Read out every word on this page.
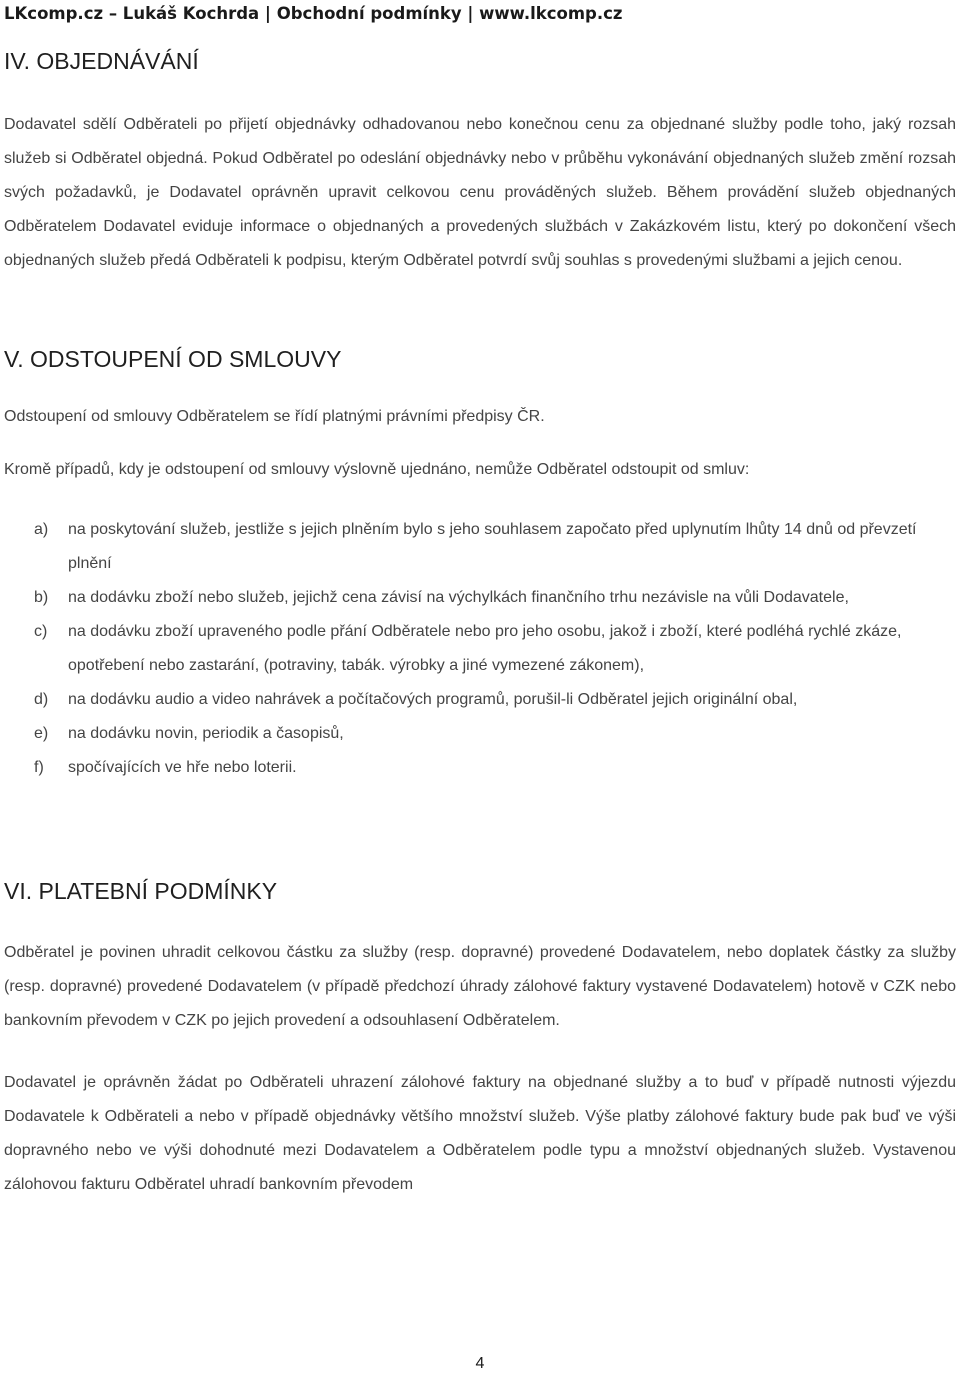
LKcomp.cz – Lukáš Kochrda | Obchodní podmínky | www.lkcomp.cz
IV. OBJEDNÁVÁNÍ

Dodavatel sdělí Odběrateli po přijetí objednávky odhadovanou nebo konečnou cenu za objednané služby podle toho, jaký rozsah služeb si Odběratel objedná. Pokud Odběratel po odeslání objednávky nebo v průběhu vykonávání objednaných služeb změní rozsah svých požadavků, je Dodavatel oprávněn upravit celkovou cenu prováděných služeb. Během provádění služeb objednaných Odběratelem Dodavatel eviduje informace o objednaných a provedených službách v Zakázkovém listu, který po dokončení všech objednaných služeb předá Odběrateli k podpisu, kterým Odběratel potvrdí svůj souhlas s provedenými službami a jejich cenou.

V. ODSTOUPENÍ OD SMLOUVY

Odstoupení od smlouvy Odběratelem se řídí platnými právními předpisy ČR.

Kromě případů, kdy je odstoupení od smlouvy výslovně ujednáno, nemůže Odběratel odstoupit od smluv:

a) na poskytování služeb, jestliže s jejich plněním bylo s jeho souhlasem započato před uplynutím lhůty 14 dnů od převzetí plnění
b) na dodávku zboží nebo služeb, jejichž cena závisí na výchylkách finančního trhu nezávisle na vůli Dodavatele,
c) na dodávku zboží upraveného podle přání Odběratele nebo pro jeho osobu, jakož i zboží, které podléhá rychlé zkáze, opotřebení nebo zastarání, (potraviny, tabák. výrobky a jiné vymezené zákonem),
d) na dodávku audio a video nahrávek a počítačových programů, porušil-li Odběratel jejich originální obal,
e) na dodávku novin, periodik a časopisů,
f) spočívajících ve hře nebo loterii.
VI. PLATEBNÍ PODMÍNKY

Odběratel je povinen uhradit celkovou částku za služby (resp. dopravné) provedené Dodavatelem, nebo doplatek částky za služby (resp. dopravné) provedené Dodavatelem (v případě předchozí úhrady zálohové faktury vystavené Dodavatelem) hotově v CZK nebo bankovním převodem v CZK po jejich provedení a odsouhlasení Odběratelem.

Dodavatel je oprávněn žádat po Odběrateli uhrazení zálohové faktury na objednané služby a to buď v případě nutnosti výjezdu Dodavatele k Odběrateli a nebo v případě objednávky většího množství služeb. Výše platby zálohové faktury bude pak buď ve výši dopravného nebo ve výši dohodnuté mezi Dodavatelem a Odběratelem podle typu a množství objednaných služeb. Vystavenou zálohovou fakturu Odběratel uhradí bankovním převodem

4
